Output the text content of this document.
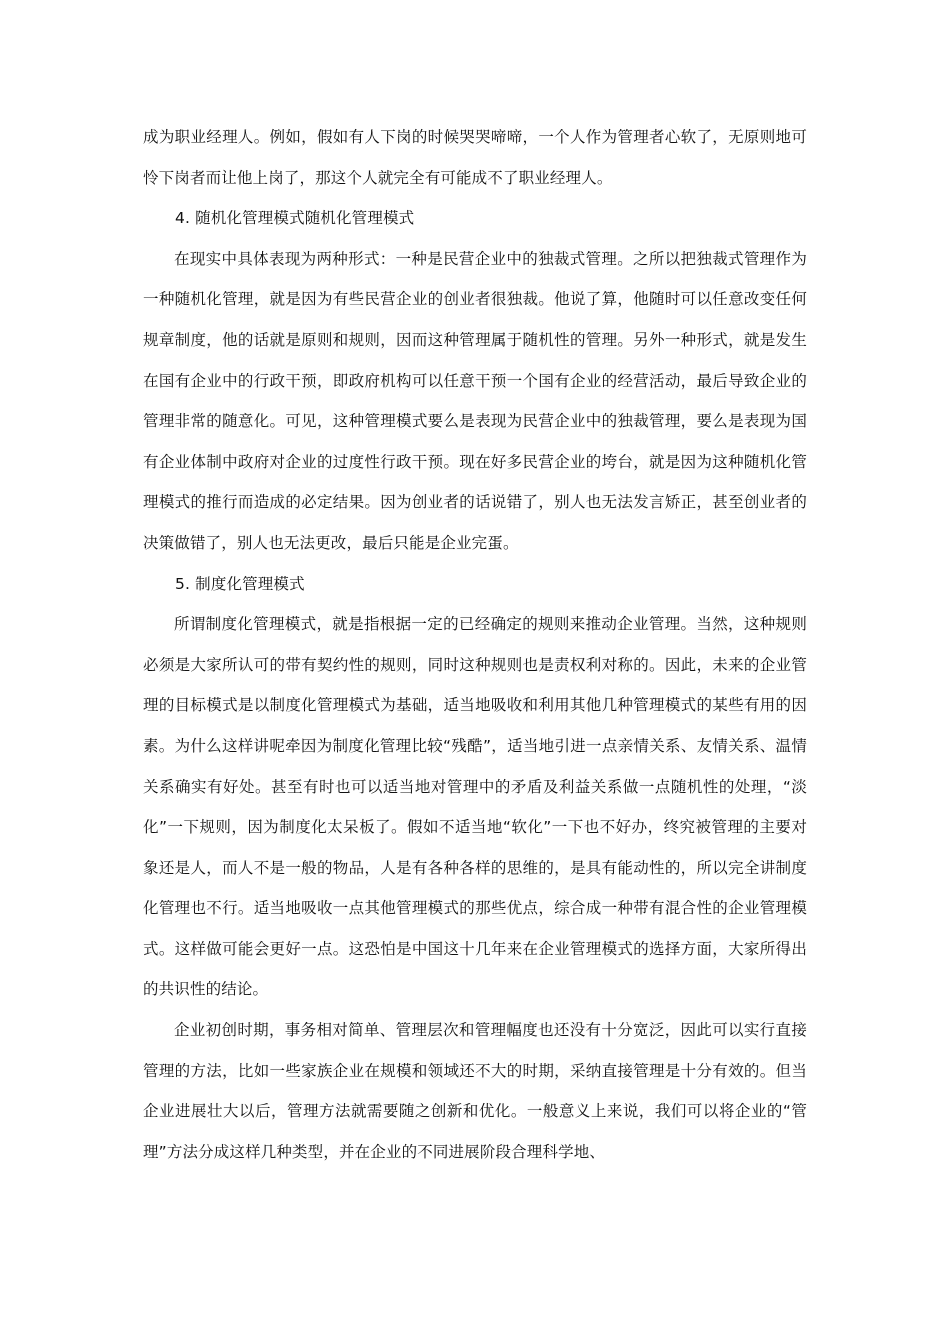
成为职业经理人。例如，假如有人下岗的时候哭哭啼啼，一个人作为管理者心软了，无原则地可怜下岗者而让他上岗了，那这个人就完全有可能成不了职业经理人。

4. 随机化管理模式随机化管理模式

在现实中具体表现为两种形式：一种是民营企业中的独裁式管理。之所以把独裁式管理作为一种随机化管理，就是因为有些民营企业的创业者很独裁。他说了算，他随时可以任意改变任何规章制度，他的话就是原则和规则，因而这种管理属于随机性的管理。另外一种形式，就是发生在国有企业中的行政干预，即政府机构可以任意干预一个国有企业的经营活动，最后导致企业的管理非常的随意化。可见，这种管理模式要么是表现为民营企业中的独裁管理，要么是表现为国有企业体制中政府对企业的过度性行政干预。现在好多民营企业的垮台，就是因为这种随机化管理模式的推行而造成的必定结果。因为创业者的话说错了，别人也无法发言矫正，甚至创业者的决策做错了，别人也无法更改，最后只能是企业完蛋。

5. 制度化管理模式

所谓制度化管理模式，就是指根据一定的已经确定的规则来推动企业管理。当然，这种规则必须是大家所认可的带有契约性的规则，同时这种规则也是责权利对称的。因此，未来的企业管理的目标模式是以制度化管理模式为基础，适当地吸收和利用其他几种管理模式的某些有用的因素。为什么这样讲呢牵因为制度化管理比较“残酷”，适当地引进一点亲情关系、友情关系、温情关系确实有好处。甚至有时也可以适当地对管理中的矛盾及利益关系做一点随机性的处理，“淡化”一下规则，因为制度化太呆板了。假如不适当地“软化”一下也不好办，终究被管理的主要对象还是人，而人不是一般的物品，人是有各种各样的思维的，是具有能动性的，所以完全讲制度化管理也不行。适当地吸收一点其他管理模式的那些优点，综合成一种带有混合性的企业管理模式。这样做可能会更好一点。这恐怕是中国这十几年来在企业管理模式的选择方面，大家所得出的共识性的结论。

企业初创时期，事务相对简单、管理层次和管理幅度也还没有十分宽泛，因此可以实行直接管理的方法，比如一些家族企业在规模和领域还不大的时期，采纳直接管理是十分有效的。但当企业进展壮大以后，管理方法就需要随之创新和优化。一般意义上来说，我们可以将企业的“管理”方法分成这样几种类型，并在企业的不同进展阶段合理科学地、
